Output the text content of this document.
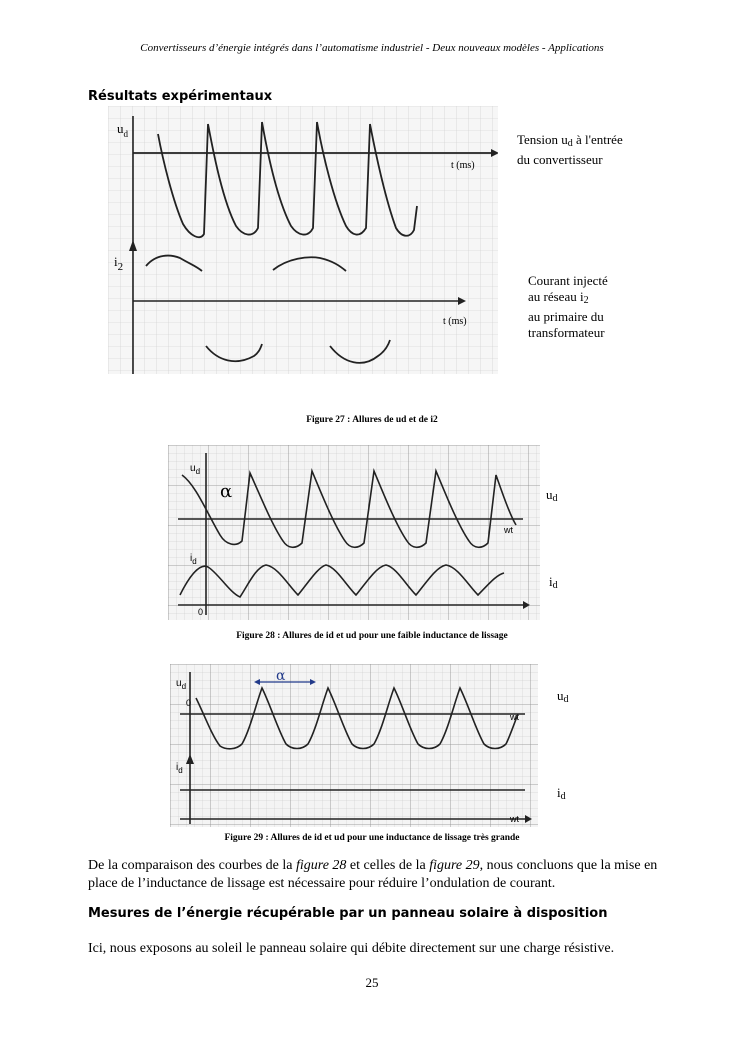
Convertisseurs d’énergie intégrés dans l’automatisme industriel - Deux nouveaux modèles - Applications
Résultats expérimentaux
$u_d$
$i_2$
t (ms)
t (ms)
Tension $u_d$ à l'entrée
du convertisseur
Courant injecté
au réseau $i_2$
au primaire du
transformateur
Figure 27 : Allures de ud et de i2
$u_d$
$i_d$
α
0
wt
$u_d$
$i_d$
Figure 28 : Allures de id et ud pour une faible inductance de lissage
$u_d$
$i_d$
0
α
wt
wt
$u_d$
$i_d$
Figure 29 : Allures de id et ud pour une inductance de lissage très grande
De la comparaison des courbes de la figure 28 et celles de la figure 29, nous concluons que la mise en place de l’inductance de lissage est nécessaire pour réduire l’ondulation de courant.
Mesures de l’énergie récupérable par un panneau solaire à disposition
Ici, nous exposons au soleil le panneau solaire qui débite directement sur une charge résistive.
25
